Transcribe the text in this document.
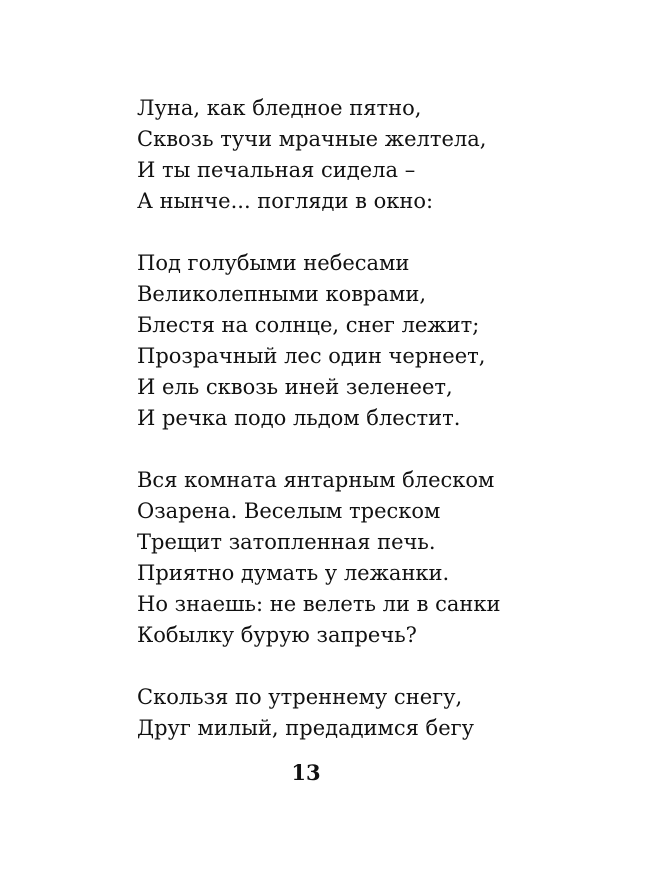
Луна, как бледное пятно,
Сквозь тучи мрачные желтела,
И ты печальная сидела –
А нынче... погляди в окно:
Под голубыми небесами
Великолепными коврами,
Блестя на солнце, снег лежит;
Прозрачный лес один чернеет,
И ель сквозь иней зеленеет,
И речка подо льдом блестит.
Вся комната янтарным блеском
Озарена. Веселым треском
Трещит затопленная печь.
Приятно думать у лежанки.
Но знаешь: не велеть ли в санки
Кобылку бурую запречь?
Скользя по утреннему снегу,
Друг милый, предадимся бегу
13
